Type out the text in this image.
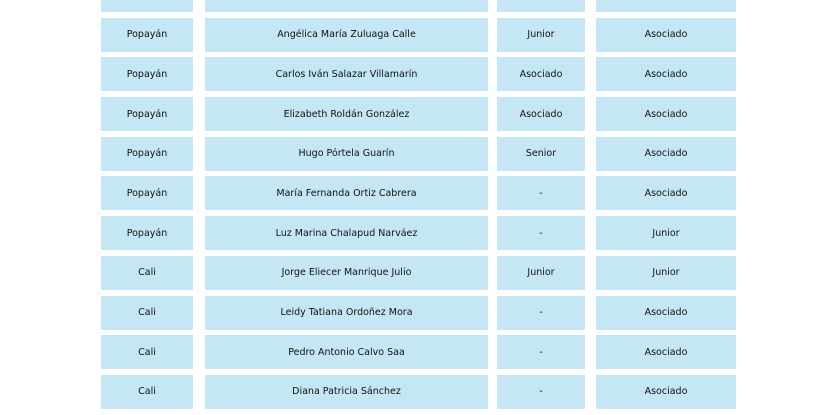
Popayán	Angélica María Zuluaga Calle	Junior	Asociado
Popayán	Carlos Iván Salazar Villamarín	Asociado	Asociado
Popayán	Elizabeth Roldán González	Asociado	Asociado
Popayán	Hugo Pórtela Guarín	Senior	Asociado
Popayán	María Fernanda Ortiz Cabrera	-	Asociado
Popayán	Luz Marina Chalapud Narváez	-	Junior
Cali	Jorge Eliecer Manrique Julio	Junior	Junior
Cali	Leidy Tatiana Ordoñez Mora	-	Asociado
Cali	Pedro Antonio Calvo Saa	-	Asociado
Cali	Diana Patricia Sánchez	-	Asociado
